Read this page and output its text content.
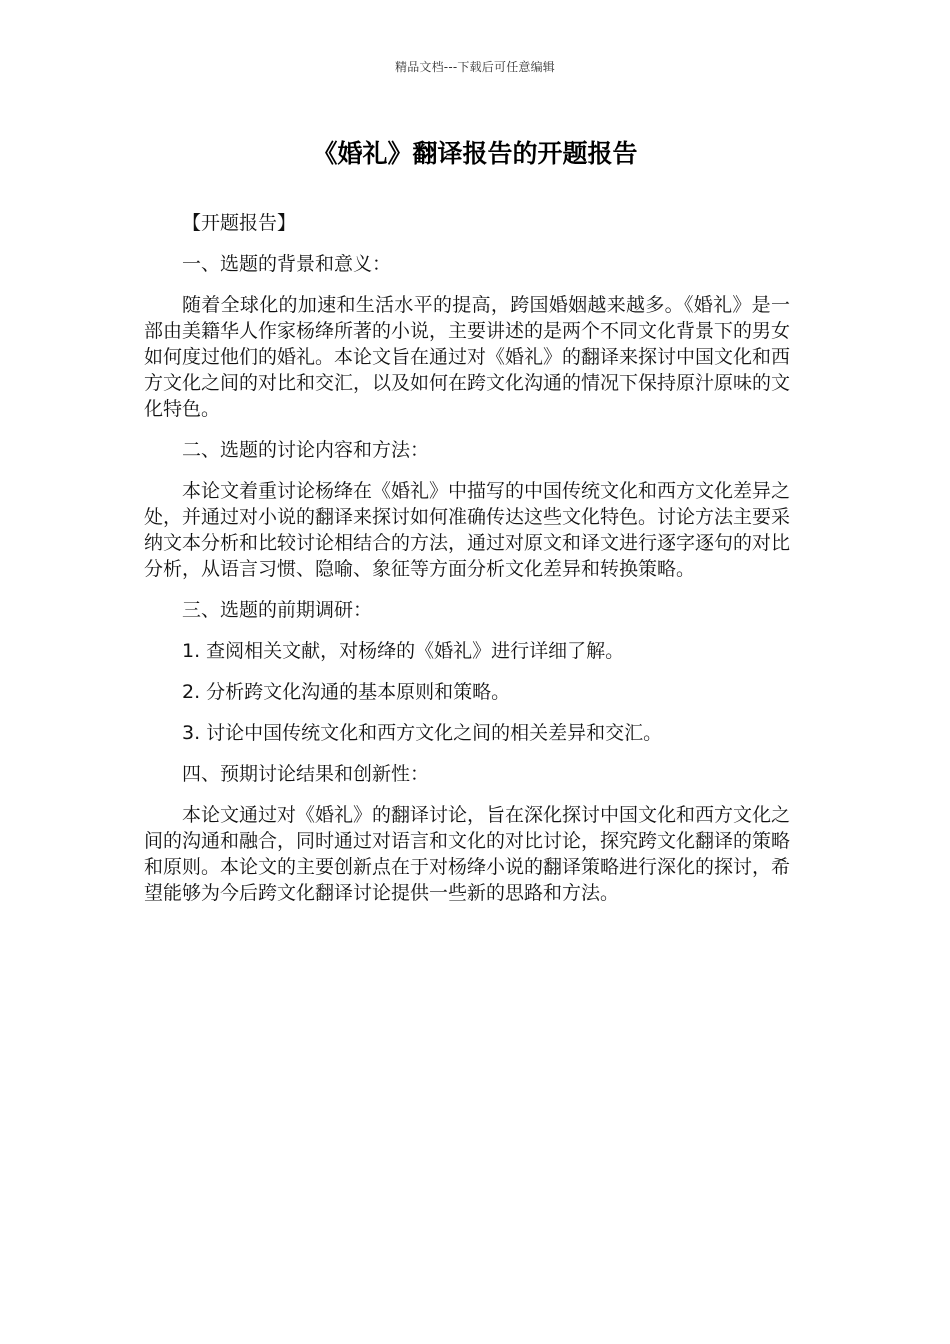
精品文档---下载后可任意编辑
《婚礼》翻译报告的开题报告

【开题报告】

一、选题的背景和意义：

随着全球化的加速和生活水平的提高，跨国婚姻越来越多。《婚礼》是一部由美籍华人作家杨绛所著的小说，主要讲述的是两个不同文化背景下的男女如何度过他们的婚礼。本论文旨在通过对《婚礼》的翻译来探讨中国文化和西方文化之间的对比和交汇，以及如何在跨文化沟通的情况下保持原汁原味的文化特色。

二、选题的讨论内容和方法：

本论文着重讨论杨绛在《婚礼》中描写的中国传统文化和西方文化差异之处，并通过对小说的翻译来探讨如何准确传达这些文化特色。讨论方法主要采纳文本分析和比较讨论相结合的方法，通过对原文和译文进行逐字逐句的对比分析，从语言习惯、隐喻、象征等方面分析文化差异和转换策略。

三、选题的前期调研：

1. 查阅相关文献，对杨绛的《婚礼》进行详细了解。

2. 分析跨文化沟通的基本原则和策略。

3. 讨论中国传统文化和西方文化之间的相关差异和交汇。

四、预期讨论结果和创新性：

本论文通过对《婚礼》的翻译讨论，旨在深化探讨中国文化和西方文化之间的沟通和融合，同时通过对语言和文化的对比讨论，探究跨文化翻译的策略和原则。本论文的主要创新点在于对杨绛小说的翻译策略进行深化的探讨，希望能够为今后跨文化翻译讨论提供一些新的思路和方法。
